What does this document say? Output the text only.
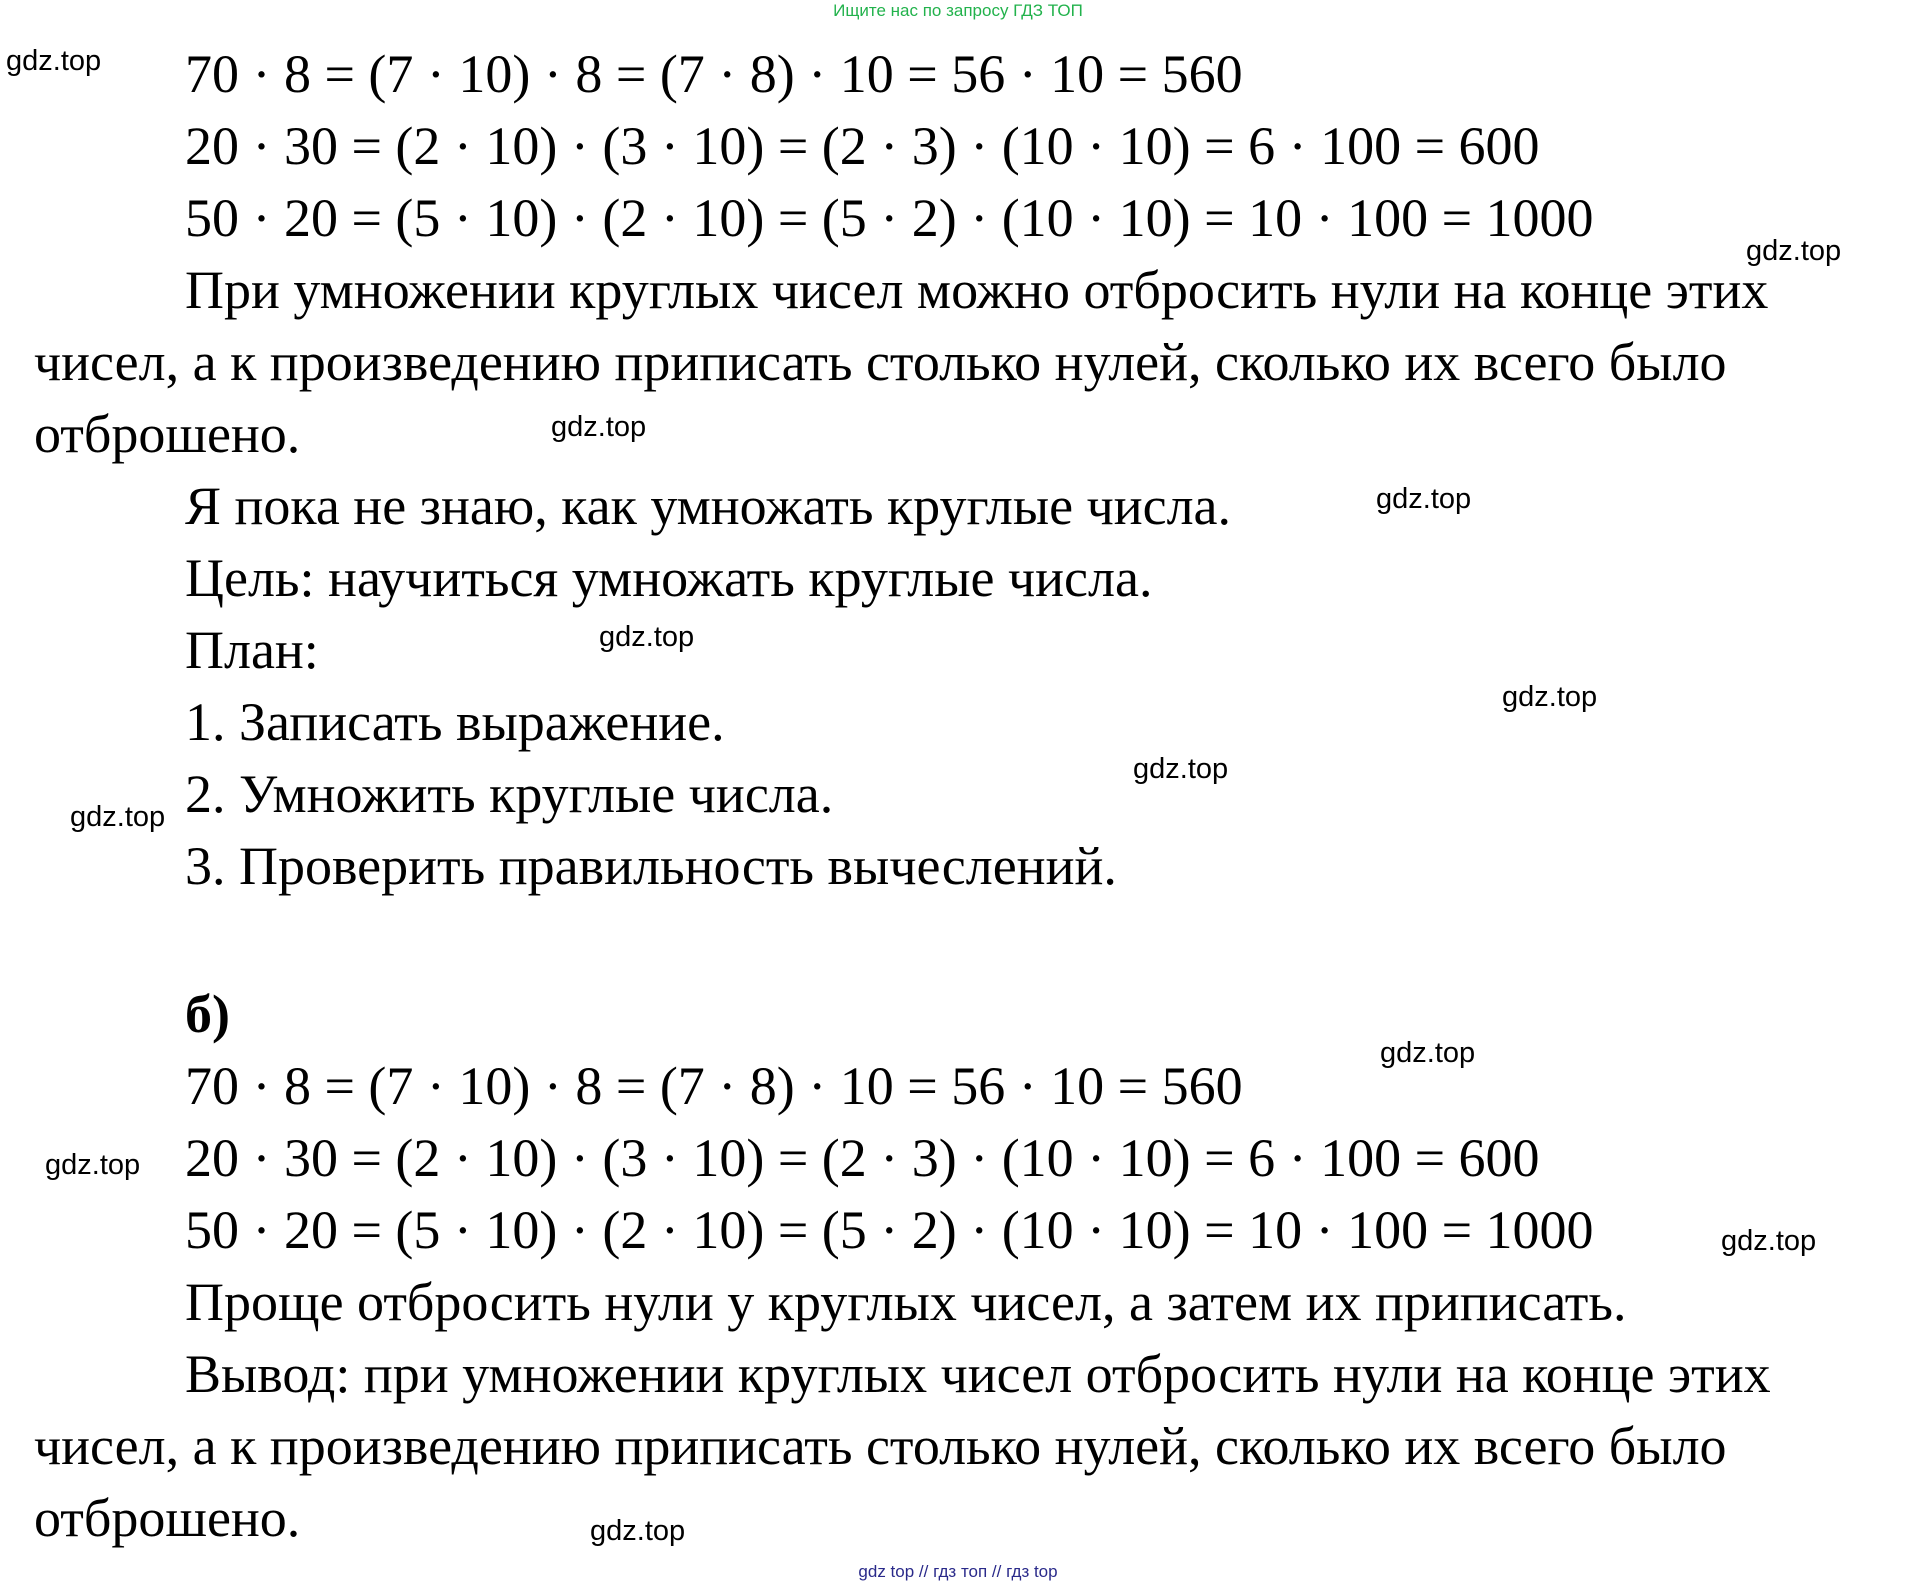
Ищите нас по запросу ГДЗ ТОП
70 · 8 = (7 · 10) · 8 = (7 · 8) · 10 = 56 · 10 = 560
20 · 30 = (2 · 10) · (3 · 10) = (2 · 3) · (10 · 10) = 6 · 100 = 600
50 · 20 = (5 · 10) · (2 · 10) = (5 · 2) · (10 · 10) = 10 · 100 = 1000
При умножении круглых чисел можно отбросить нули на конце этих
чисел, а к произведению приписать столько нулей, сколько их всего было
отброшено.
Я пока не знаю, как умножать круглые числа.
Цель: научиться умножать круглые числа.
План:
1. Записать выражение.
2. Умножить круглые числа.
3. Проверить правильность вычеслений.
б)
70 · 8 = (7 · 10) · 8 = (7 · 8) · 10 = 56 · 10 = 560
20 · 30 = (2 · 10) · (3 · 10) = (2 · 3) · (10 · 10) = 6 · 100 = 600
50 · 20 = (5 · 10) · (2 · 10) = (5 · 2) · (10 · 10) = 10 · 100 = 1000
Проще отбросить нули у круглых чисел, а затем их приписать.
Вывод: при умножении круглых чисел отбросить нули на конце этих
чисел, а к произведению приписать столько нулей, сколько их всего было
отброшено.
gdz.top
gdz.top
gdz.top
gdz.top
gdz.top
gdz.top
gdz.top
gdz.top
gdz.top
gdz.top
gdz.top
gdz.top
gdz top // гдз топ // гдз top
